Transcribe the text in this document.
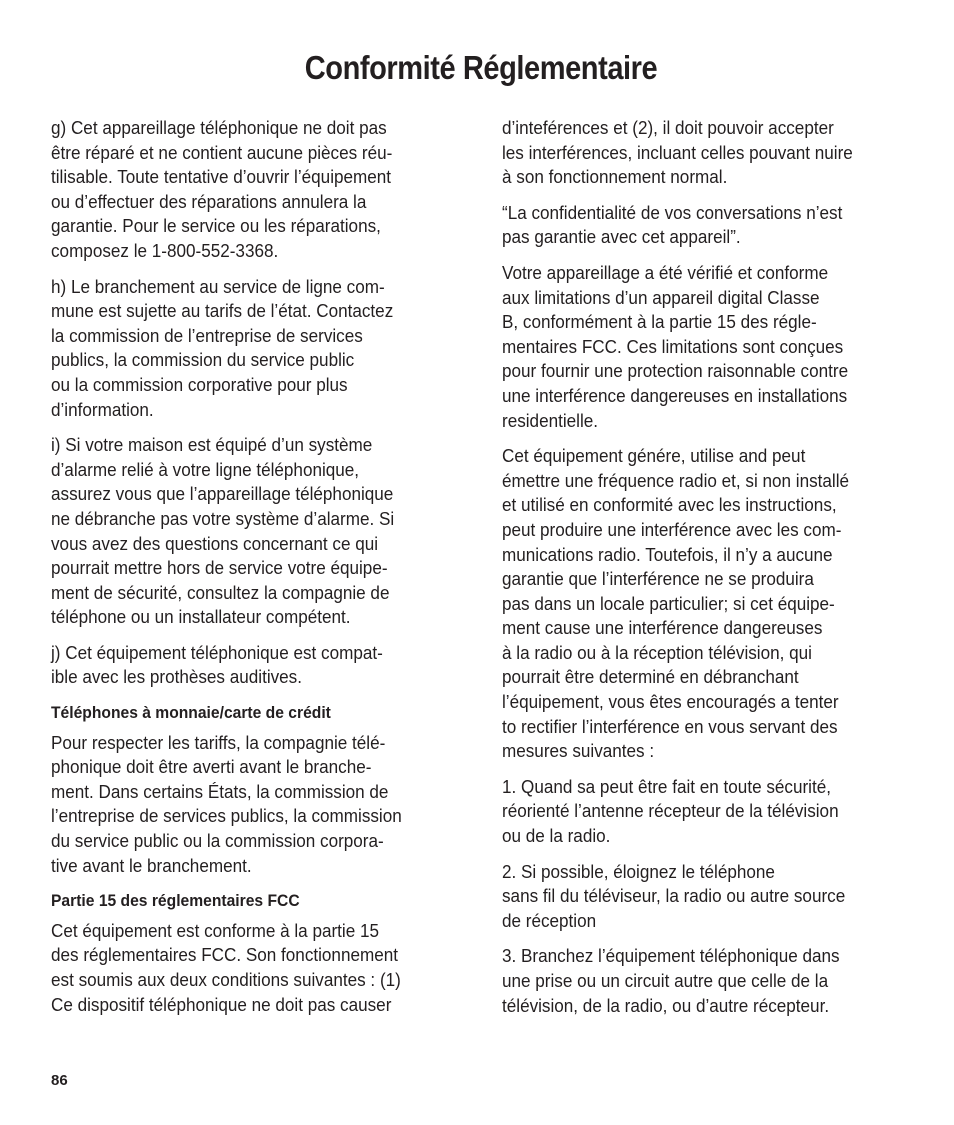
Conformité Réglementaire
g) Cet appareillage téléphonique ne doit pas
être réparé et ne contient aucune pièces réu-
tilisable. Toute tentative d’ouvrir l’équipement
ou d’effectuer des réparations annulera la
garantie. Pour le service ou les réparations,
composez le 1-800-552-3368.
h) Le branchement au service de ligne com-
mune est sujette au tarifs de l’état. Contactez
la commission de l’entreprise de services
publics, la commission du service public
ou la commission corporative pour plus
d’information.
i) Si votre maison est équipé d’un système
d’alarme relié à votre ligne téléphonique,
assurez vous que l’appareillage téléphonique
ne débranche pas votre système d’alarme. Si
vous avez des questions concernant ce qui
pourrait mettre hors de service votre équipe-
ment de sécurité, consultez la compagnie de
téléphone ou un installateur compétent.
j) Cet équipement téléphonique est compat-
ible avec les prothèses auditives.
Téléphones à monnaie/carte de crédit
Pour respecter les tariffs, la compagnie télé-
phonique doit être averti avant le branche-
ment. Dans certains États, la commission de
l’entreprise de services publics, la commission
du service public ou la commission corpora-
tive avant le branchement.
Partie 15 des réglementaires FCC
Cet équipement est conforme à la partie 15
des réglementaires FCC. Son fonctionnement
est soumis aux deux conditions suivantes : (1)
Ce dispositif téléphonique ne doit pas causer
d’inteférences et (2), il doit pouvoir accepter
les interférences, incluant celles pouvant nuire
à son fonctionnement normal.
“La confidentialité de vos conversations n’est
pas garantie avec cet appareil”.
Votre appareillage a été vérifié et conforme
aux limitations d’un appareil digital Classe
B, conformément à la partie 15 des régle-
mentaires FCC. Ces limitations sont conçues
pour fournir une protection raisonnable contre
une interférence dangereuses en installations
residentielle.
Cet équipement génére, utilise and peut
émettre une fréquence radio et, si non installé
et utilisé en conformité avec les instructions,
peut produire une interférence avec les com-
munications radio. Toutefois, il n’y a aucune
garantie que l’interférence ne se produira
pas dans un locale particulier; si cet équipe-
ment cause une interférence dangereuses
à la radio ou à la réception télévision, qui
pourrait être determiné en débranchant
l’équipement, vous êtes encouragés a tenter
to rectifier l’interférence en vous servant des
mesures suivantes :
1. Quand sa peut être fait en toute sécurité,
réorienté l’antenne récepteur de la télévision
ou de la radio.
2. Si possible, éloignez le téléphone
sans fil du téléviseur, la radio ou autre source
de réception
3. Branchez l’équipement téléphonique dans
une prise ou un circuit autre que celle de la
télévision, de la radio, ou d’autre récepteur.
86
